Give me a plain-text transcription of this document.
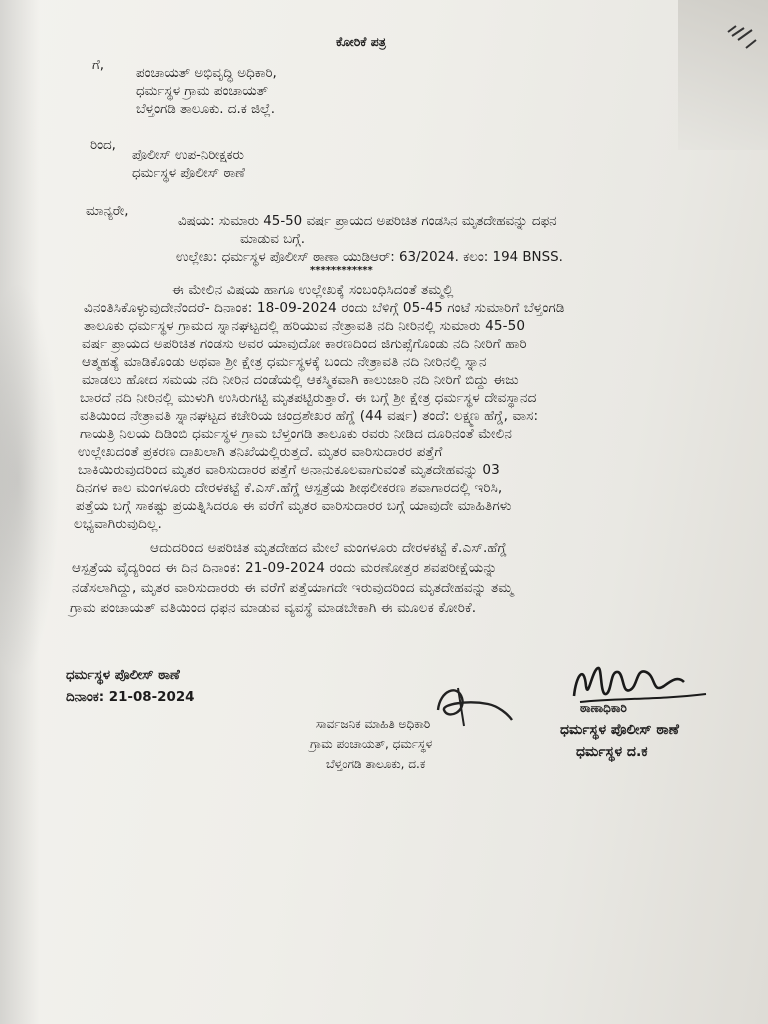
ಕೋರಿಕೆ ಪತ್ರ
ಗೆ,
ಪಂಚಾಯತ್ ಅಭಿವೃದ್ಧಿ ಅಧಿಕಾರಿ,
ಧರ್ಮಸ್ಥಳ ಗ್ರಾಮ ಪಂಚಾಯತ್
ಬೆಳ್ತಂಗಡಿ ತಾಲೂಕು. ದ.ಕ ಜಿಲ್ಲೆ.
ರಿಂದ,
ಪೊಲೀಸ್ ಉಪ-ನಿರೀಕ್ಷಕರು
ಧರ್ಮಸ್ಥಳ ಪೊಲೀಸ್ ಠಾಣೆ
ಮಾನ್ಯರೇ,
ವಿಷಯ: ಸುಮಾರು 45-50 ವರ್ಷ ಪ್ರಾಯದ ಅಪರಿಚಿತ ಗಂಡಸಿನ ಮೃತದೇಹವನ್ನು ದಫನ
ಮಾಡುವ ಬಗ್ಗೆ.
ಉಲ್ಲೇಖ: ಧರ್ಮಸ್ಥಳ ಪೊಲೀಸ್ ಠಾಣಾ ಯುಡಿಆರ್: 63/2024. ಕಲಂ: 194 BNSS.
************
ಈ ಮೇಲಿನ ವಿಷಯ ಹಾಗೂ ಉಲ್ಲೇಖಕ್ಕೆ ಸಂಬಂಧಿಸಿದಂತೆ ತಮ್ಮಲ್ಲಿ
ವಿನಂತಿಸಿಕೊಳ್ಳುವುದೇನೆಂದರೆ- ದಿನಾಂಕ: 18-09-2024 ರಂದು ಬೆಳಿಗ್ಗೆ 05-45 ಗಂಟೆ ಸುಮಾರಿಗೆ ಬೆಳ್ತಂಗಡಿ
ತಾಲೂಕು ಧರ್ಮಸ್ಥಳ ಗ್ರಾಮದ ಸ್ನಾನಘಟ್ಟದಲ್ಲಿ ಹರಿಯುವ ನೇತ್ರಾವತಿ ನದಿ ನೀರಿನಲ್ಲಿ ಸುಮಾರು 45-50
ವರ್ಷ ಪ್ರಾಯದ ಅಪರಿಚಿತ ಗಂಡಸು ಅವರ ಯಾವುದೋ ಕಾರಣದಿಂದ ಜಿಗುಪ್ಸೆಗೊಂಡು ನದಿ ನೀರಿಗೆ ಹಾರಿ
ಆತ್ಮಹತ್ಯೆ ಮಾಡಿಕೊಂಡು ಅಥವಾ ಶ್ರೀ ಕ್ಷೇತ್ರ ಧರ್ಮಸ್ಥಳಕ್ಕೆ ಬಂದು ನೇತ್ರಾವತಿ ನದಿ ನೀರಿನಲ್ಲಿ ಸ್ನಾನ
ಮಾಡಲು ಹೋದ ಸಮಯ ನದಿ ನೀರಿನ ದಂಡೆಯಲ್ಲಿ ಆಕಸ್ಮಿಕವಾಗಿ ಕಾಲುಜಾರಿ ನದಿ ನೀರಿಗೆ ಬಿದ್ದು ಈಜು
ಬಾರದೆ ನದಿ ನೀರಿನಲ್ಲಿ ಮುಳುಗಿ ಉಸಿರುಗಟ್ಟಿ ಮೃತಪಟ್ಟಿರುತ್ತಾರೆ. ಈ ಬಗ್ಗೆ ಶ್ರೀ ಕ್ಷೇತ್ರ ಧರ್ಮಸ್ಥಳ ದೇವಸ್ಥಾನದ
ವತಿಯಿಂದ ನೇತ್ರಾವತಿ ಸ್ನಾನಘಟ್ಟದ ಕಚೇರಿಯ ಚಂದ್ರಶೇಖರ ಹೆಗ್ಡೆ (44 ವರ್ಷ) ತಂದೆ: ಲಕ್ಷ್ಮಣ ಹೆಗ್ಡೆ, ವಾಸ:
ಗಾಯತ್ರಿ ನಿಲಯ ದಿಡಿಂಬಿ ಧರ್ಮಸ್ಥಳ ಗ್ರಾಮ ಬೆಳ್ತಂಗಡಿ ತಾಲೂಕು ರವರು ನೀಡಿದ ದೂರಿನಂತೆ ಮೇಲಿನ
ಉಲ್ಲೇಖದಂತೆ ಪ್ರಕರಣ ದಾಖಲಾಗಿ ತನಿಖೆಯಲ್ಲಿರುತ್ತದೆ. ಮೃತರ ವಾರಿಸುದಾರರ ಪತ್ತೆಗೆ
ಬಾಕಿಯಿರುವುದರಿಂದ ಮೃತರ ವಾರಿಸುದಾರರ ಪತ್ತೆಗೆ ಅನಾನುಕೂಲವಾಗುವಂತೆ ಮೃತದೇಹವನ್ನು 03
ದಿನಗಳ ಕಾಲ ಮಂಗಳೂರು ದೇರಳಕಟ್ಟೆ ಕೆ.ಎಸ್.ಹೆಗ್ಡೆ ಆಸ್ಪತ್ರೆಯ ಶೀಥಲೀಕರಣ ಶವಾಗಾರದಲ್ಲಿ ಇರಿಸಿ,
ಪತ್ತೆಯ ಬಗ್ಗೆ ಸಾಕಷ್ಟು ಪ್ರಯತ್ನಿಸಿದರೂ ಈ ವರೆಗೆ ಮೃತರ ವಾರಿಸುದಾರರ ಬಗ್ಗೆ ಯಾವುದೇ ಮಾಹಿತಿಗಳು
ಲಭ್ಯವಾಗಿರುವುದಿಲ್ಲ.
ಆದುದರಿಂದ ಅಪರಿಚಿತ ಮೃತದೇಹದ ಮೇಲೆ ಮಂಗಳೂರು ದೇರಳಕಟ್ಟೆ ಕೆ.ಎಸ್.ಹೆಗ್ಡೆ
ಆಸ್ಪತ್ರೆಯ ವೈದ್ಯರಿಂದ ಈ ದಿನ ದಿನಾಂಕ: 21-09-2024 ರಂದು ಮರಣೋತ್ತರ ಶವಪರೀಕ್ಷೆಯನ್ನು
ನಡೆಸಲಾಗಿದ್ದು, ಮೃತರ ವಾರಿಸುದಾರರು ಈ ವರೆಗೆ ಪತ್ತೆಯಾಗದೇ ಇರುವುದರಿಂದ ಮೃತದೇಹವನ್ನು ತಮ್ಮ
ಗ್ರಾಮ ಪಂಚಾಯತ್ ವತಿಯಿಂದ ಧಫನ ಮಾಡುವ ವ್ಯವಸ್ಥೆ ಮಾಡಬೇಕಾಗಿ ಈ ಮೂಲಕ ಕೋರಿಕೆ.
ಧರ್ಮಸ್ಥಳ ಪೊಲೀಸ್ ಠಾಣೆ
ದಿನಾಂಕ: 21-08-2024
ಸಾರ್ವಜನಿಕ ಮಾಹಿತಿ ಅಧಿಕಾರಿ
ಗ್ರಾಮ ಪಂಚಾಯತ್, ಧರ್ಮಸ್ಥಳ
ಬೆಳ್ತಂಗಡಿ ತಾಲೂಕು, ದ.ಕ
ಠಾಣಾಧಿಕಾರಿ
ಧರ್ಮಸ್ಥಳ ಪೊಲೀಸ್ ಠಾಣೆ
ಧರ್ಮಸ್ಥಳ ದ.ಕ
